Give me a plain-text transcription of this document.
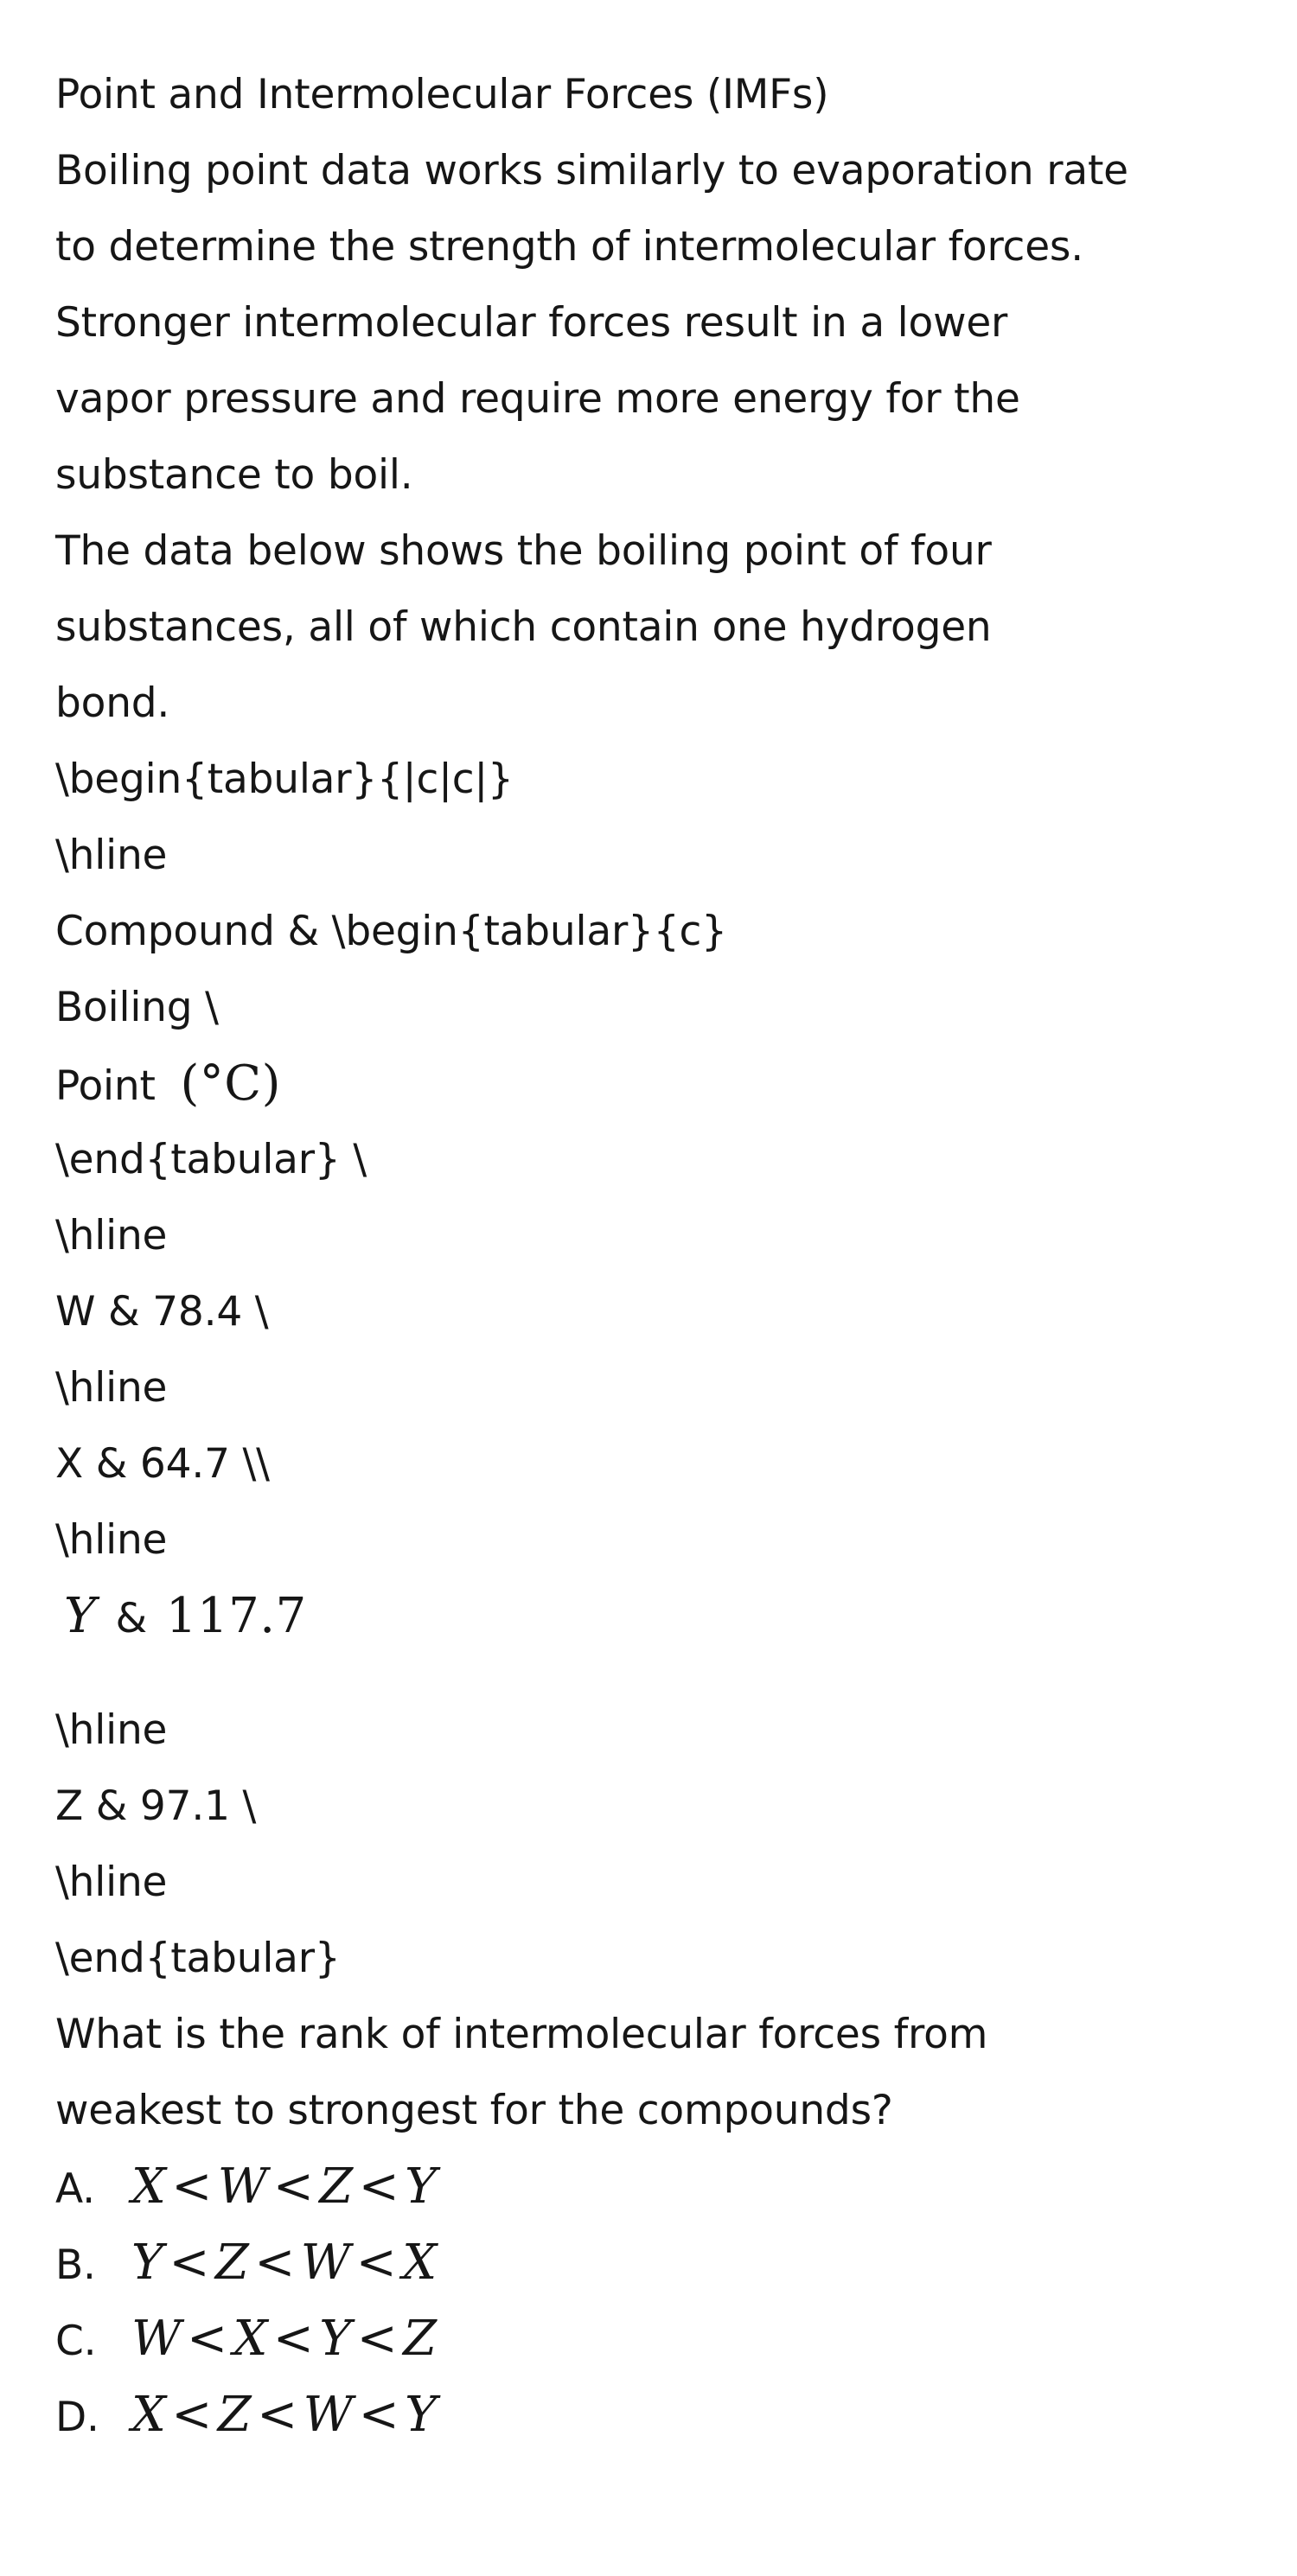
Point and Intermolecular Forces (IMFs)
Boiling point data works similarly to evaporation rate
to determine the strength of intermolecular forces.
Stronger intermolecular forces result in a lower
vapor pressure and require more energy for the
substance to boil.
The data below shows the boiling point of four
substances, all of which contain one hydrogen
bond.
\begin{tabular}{|c|c|}
\hline
Compound & \begin{tabular}{c}
Boiling \
Point (°C)
\end{tabular} \
\hline
W & 78.4 \
\hline
X & 64.7 \\
\hline
Y & 117.7
\hline
Z & 97.1 \
\hline
\end{tabular}
What is the rank of intermolecular forces from
weakest to strongest for the compounds?
A. X < W < Z < Y
B. Y < Z < W < X
C. W < X < Y < Z
D. X < Z < W < Y
